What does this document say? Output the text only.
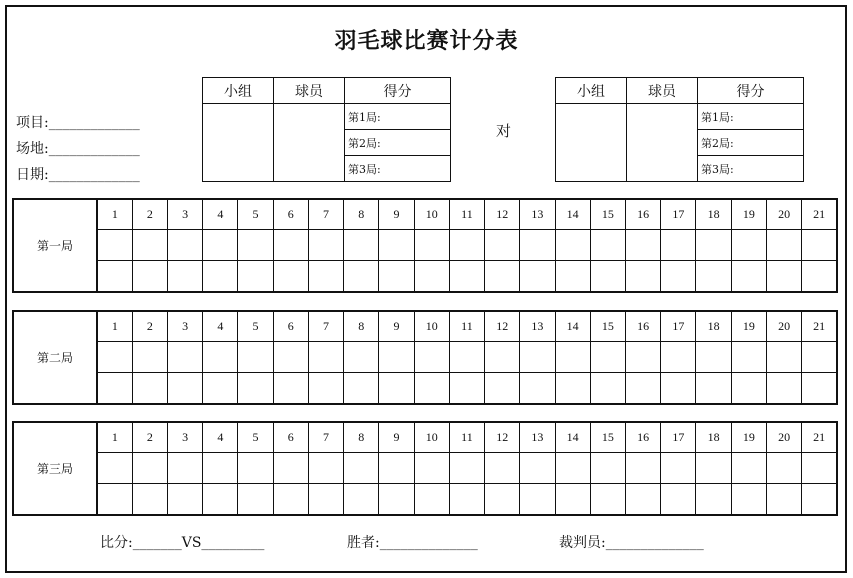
羽毛球比赛计分表
项目:_____________
场地:_____________
日期:_____________
小组	球员	得分
		第1局:
		第2局:
		第3局:
对
小组	球员	得分
		第1局:
		第2局:
		第3局:
第一局	1	2	3	4	5	6	7	8	9	10	11	12	13	14	15	16	17	18	19	20	21

第二局	1	2	3	4	5	6	7	8	9	10	11	12	13	14	15	16	17	18	19	20	21

第三局	1	2	3	4	5	6	7	8	9	10	11	12	13	14	15	16	17	18	19	20	21

比分:_______VS_________	胜者:______________	裁判员:______________
